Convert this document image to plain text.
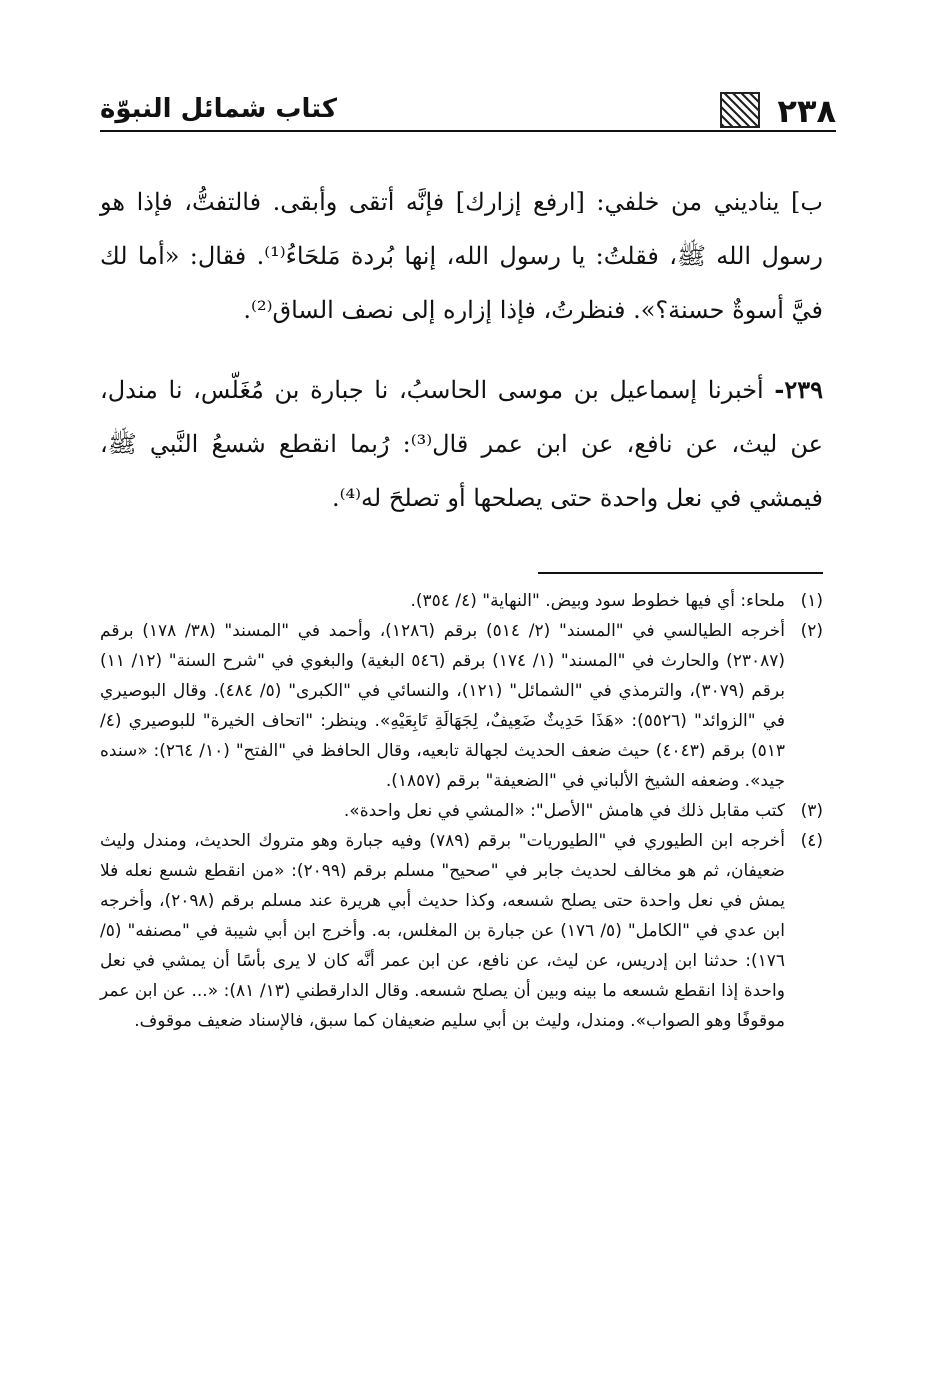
٢٣٨
كتاب شمائل النبوّة

ب] يناديني من خلفي: [ارفع إزارك] فإنَّه أتقى وأبقى. فالتفتُّ، فإذا هو رسول الله ﷺ، فقلتُ: يا رسول الله، إنها بُردة مَلحَاءُ⁽¹⁾. فقال: «أما لك فيَّ أسوةٌ حسنة؟». فنظرتُ، فإذا إزاره إلى نصف الساق⁽²⁾.

٢٣٩- أخبرنا إسماعيل بن موسى الحاسبُ، نا جبارة بن مُغَلّس، نا مندل، عن ليث، عن نافع، عن ابن عمر قال⁽³⁾: رُبما انقطع شسعُ النَّبي ﷺ، فيمشي في نعل واحدة حتى يصلحها أو تصلحَ له⁽⁴⁾.

(١)
ملحاء: أي فيها خطوط سود وبيض. "النهاية" (٤/ ٣٥٤).
(٢)
أخرجه الطيالسي في "المسند" (٢/ ٥١٤) برقم (١٢٨٦)، وأحمد في "المسند" (٣٨/ ١٧٨) برقم (٢٣٠٨٧) والحارث في "المسند" (١/ ١٧٤) برقم (٥٤٦ البغية) والبغوي في "شرح السنة" (١٢/ ١١) برقم (٣٠٧٩)، والترمذي في "الشمائل" (١٢١)، والنسائي في "الكبرى" (٥/ ٤٨٤). وقال البوصيري في "الزوائد" (٥٥٢٦): «هَذَا حَدِيثٌ ضَعِيفٌ، لِجَهَالَةِ تَابِعَيْهِ». وينظر: "اتحاف الخيرة" للبوصيري (٤/ ٥١٣) برقم (٤٠٤٣) حيث ضعف الحديث لجهالة تابعيه، وقال الحافظ في "الفتح" (١٠/ ٢٦٤): «سنده جيد». وضعفه الشيخ الألباني في "الضعيفة" برقم (١٨٥٧).
(٣)
كتب مقابل ذلك في هامش "الأصل": «المشي في نعل واحدة».
(٤)
أخرجه ابن الطيوري في "الطيوريات" برقم (٧٨٩) وفيه جبارة وهو متروك الحديث، ومندل وليث ضعيفان، ثم هو مخالف لحديث جابر في "صحيح" مسلم برقم (٢٠٩٩): «من انقطع شسع نعله فلا يمش في نعل واحدة حتى يصلح شسعه، وكذا حديث أبي هريرة عند مسلم برقم (٢٠٩٨)، وأخرجه ابن عدي في "الكامل" (٥/ ١٧٦) عن جبارة بن المغلس، به. وأخرج ابن أبي شيبة في "مصنفه" (٥/ ١٧٦): حدثنا ابن إدريس، عن ليث، عن نافع، عن ابن عمر أنَّه كان لا يرى بأسًا أن يمشي في نعل واحدة إذا انقطع شسعه ما بينه وبين أن يصلح شسعه. وقال الدارقطني (١٣/ ٨١): «... عن ابن عمر موقوفًا وهو الصواب». ومندل، وليث بن أبي سليم ضعيفان كما سبق، فالإسناد ضعيف موقوف.
